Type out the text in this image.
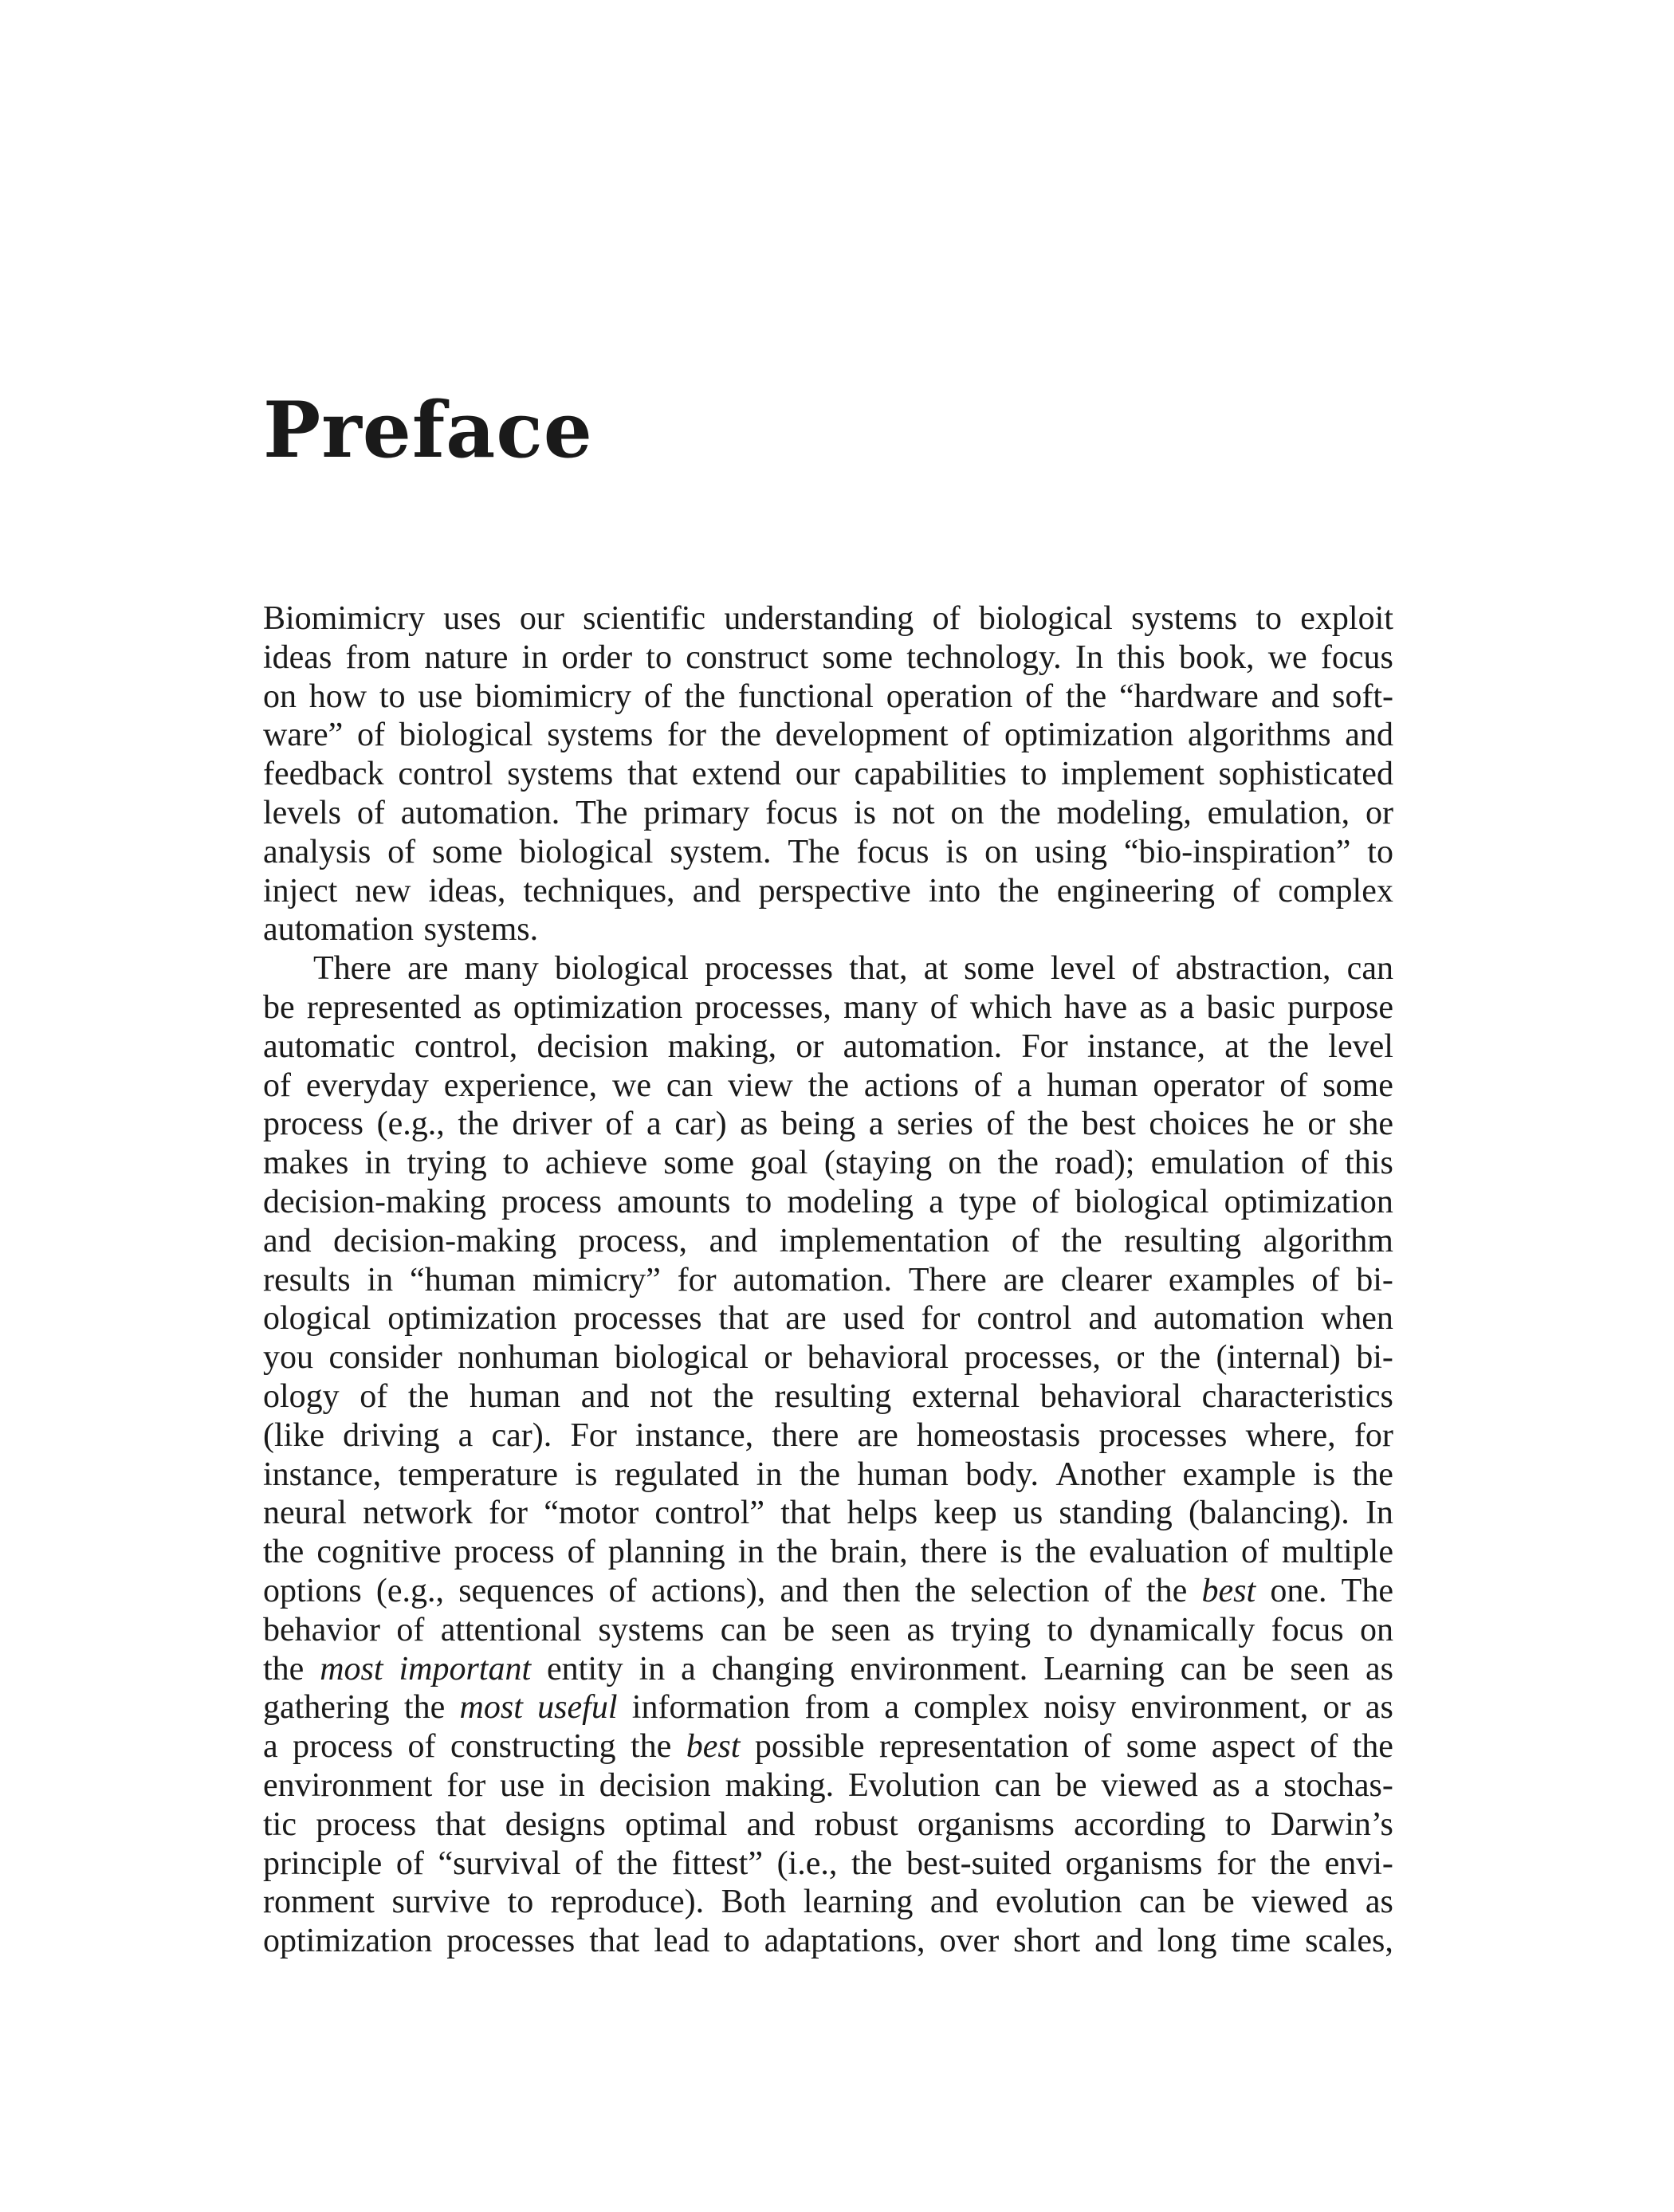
Preface
Biomimicry uses our scientific understanding of biological systems to exploit
ideas from nature in order to construct some technology. In this book, we focus
on how to use biomimicry of the functional operation of the “hardware and soft-
ware” of biological systems for the development of optimization algorithms and
feedback control systems that extend our capabilities to implement sophisticated
levels of automation. The primary focus is not on the modeling, emulation, or
analysis of some biological system. The focus is on using “bio-inspiration” to
inject new ideas, techniques, and perspective into the engineering of complex
automation systems.
There are many biological processes that, at some level of abstraction, can
be represented as optimization processes, many of which have as a basic purpose
automatic control, decision making, or automation. For instance, at the level
of everyday experience, we can view the actions of a human operator of some
process (e.g., the driver of a car) as being a series of the best choices he or she
makes in trying to achieve some goal (staying on the road); emulation of this
decision-making process amounts to modeling a type of biological optimization
and decision-making process, and implementation of the resulting algorithm
results in “human mimicry” for automation. There are clearer examples of bi-
ological optimization processes that are used for control and automation when
you consider nonhuman biological or behavioral processes, or the (internal) bi-
ology of the human and not the resulting external behavioral characteristics
(like driving a car). For instance, there are homeostasis processes where, for
instance, temperature is regulated in the human body. Another example is the
neural network for “motor control” that helps keep us standing (balancing). In
the cognitive process of planning in the brain, there is the evaluation of multiple
options (e.g., sequences of actions), and then the selection of the best one. The
behavior of attentional systems can be seen as trying to dynamically focus on
the most important entity in a changing environment. Learning can be seen as
gathering the most useful information from a complex noisy environment, or as
a process of constructing the best possible representation of some aspect of the
environment for use in decision making. Evolution can be viewed as a stochas-
tic process that designs optimal and robust organisms according to Darwin’s
principle of “survival of the fittest” (i.e., the best-suited organisms for the envi-
ronment survive to reproduce). Both learning and evolution can be viewed as
optimization processes that lead to adaptations, over short and long time scales,
